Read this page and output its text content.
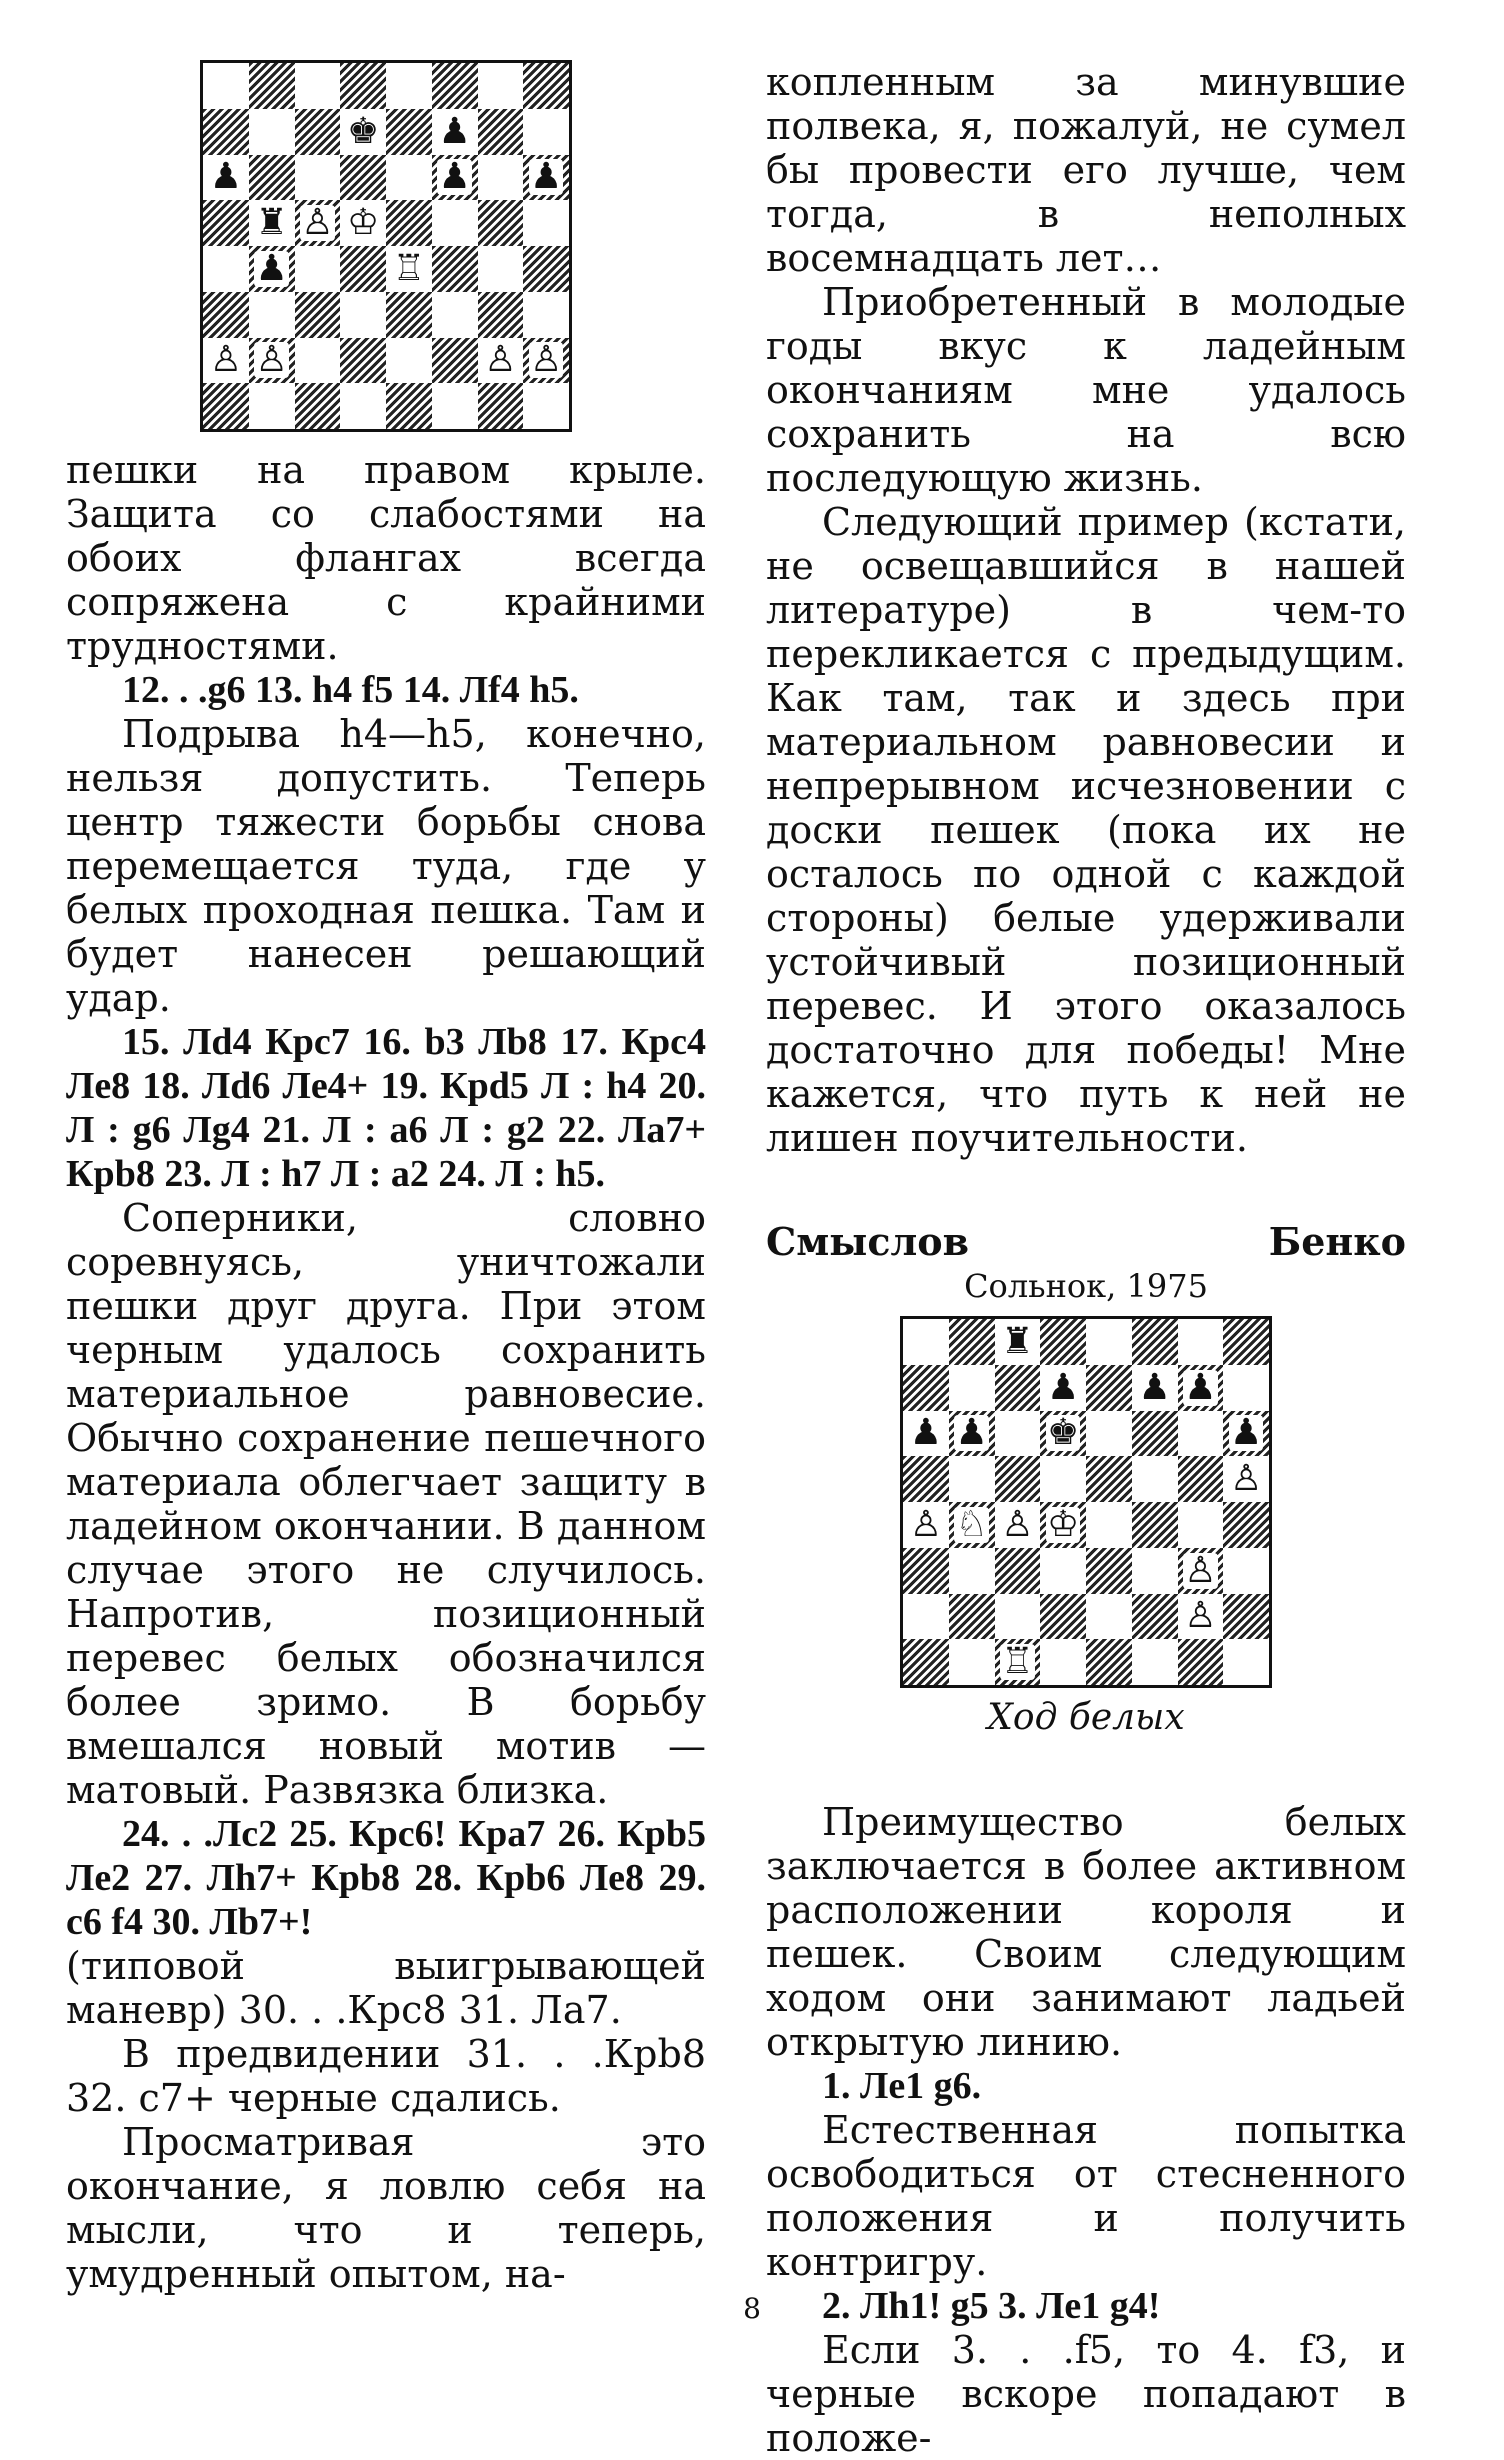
♚ ♟
♟	♟ ♟
♜ ♙ ♔
♟	♖
♙ ♙	♙ ♙

пешки на правом крыле. Защита со слабостями на обоих флангах всегда сопряжена с крайними трудностями.

12. . .g6 13. h4 f5 14. Лf4 h5.

Подрыва h4—h5, конечно, нельзя допустить. Теперь центр тяжести борьбы снова перемещается туда, где у белых проходная пешка. Там и будет нанесен решающий удар.

15. Лd4 Крc7 16. b3 Лb8 17. Крc4 Лe8 18. Лd6 Лe4+ 19. Крd5 Л : h4 20. Л : g6 Лg4 21. Л : a6 Л : g2 22. Лa7+ Крb8 23. Л : h7 Л : a2 24. Л : h5.

Соперники, словно соревнуясь, уничтожали пешки друг друга. При этом черным удалось сохранить материальное равновесие. Обычно сохранение пешечного материала облегчает защиту в ладейном окончании. В данном случае этого не случилось. Напротив, позиционный перевес белых обозначился более зримо. В борьбу вмешался новый мотив — матовый. Развязка близка.

24. . .Лc2 25. Крc6! Крa7 26. Крb5 Лe2 27. Лh7+ Крb8 28. Крb6 Лe8 29. c6 f4 30. Лb7+!

(типовой выигрывающей маневр) 30. . .Крc8 31. Лa7.

В предвидении 31. . .Крb8 32. c7+ черные сдались.

Просматривая это окончание, я ловлю себя на мысли, что и теперь, умудренный опытом, на-

копленным за минувшие полвека, я, пожалуй, не сумел бы провести его лучше, чем тогда, в неполных восемнадцать лет…

Приобретенный в молодые годы вкус к ладейным окончаниям мне удалось сохранить на всю последующую жизнь.

Следующий пример (кстати, не освещавшийся в нашей литературе) в чем-то перекликается с предыдущим. Как там, так и здесь при материальном равновесии и непрерывном исчезновении с доски пешек (пока их не осталось по одной с каждой стороны) белые удерживали устойчивый позиционный перевес. И этого оказалось достаточно для победы! Мне кажется, что путь к ней не лишен поучительности.

Смыслов	Бенко
Сольнок, 1975
♜
♟ ♟ ♟
♟ ♟ ♚	♟
♙
♙ ♘ ♙ ♔
♙
♙
♖
Ход белых

Преимущество белых заключается в более активном расположении короля и пешек. Своим следующим ходом они занимают ладьей открытую линию.

1. Лe1 g6.

Естественная попытка освободиться от стесненного положения и получить контригру.

2. Лh1! g5 3. Лe1 g4!

Если 3. . .f5, то 4. f3, и черные вскоре попадают в положе-

8
